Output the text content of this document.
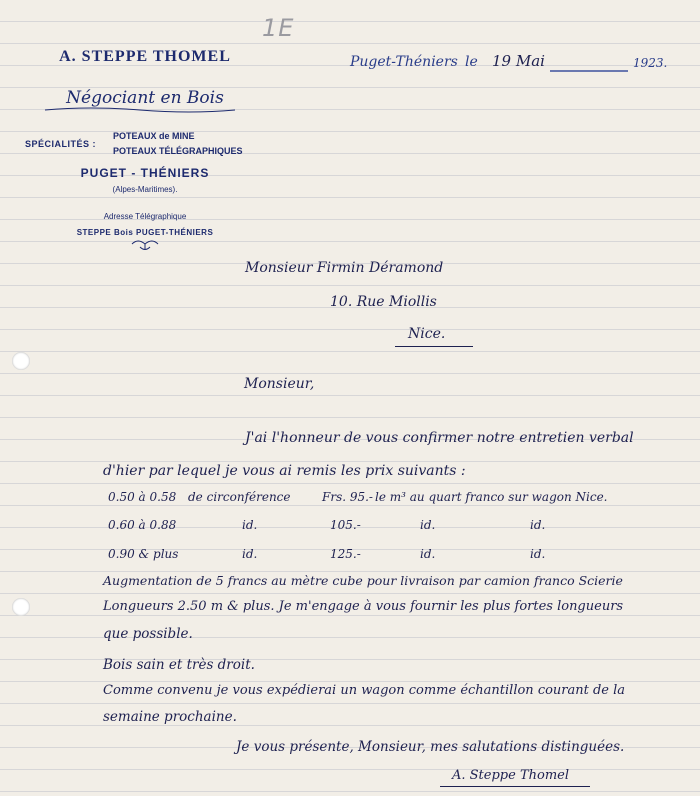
1E
A. STEPPE THOMEL
Négociant en Bois
SPÉCIALITÉS :
POTEAUX de MINE
POTEAUX TÉLÉGRAPHIQUES
PUGET - THÉNIERS
(Alpes-Maritimes).
Adresse Télégraphique
STEPPE Bois PUGET-THÉNIERS
Puget-Théniers le 19 Mai	1923.
Monsieur Firmin Déramond
10. Rue Miollis
Nice.
Monsieur,
J'ai l'honneur de vous confirmer notre entretien verbal
d'hier par lequel je vous ai remis les prix suivants :
0.50 à 0.58 de circonférence	Frs. 95.- le m³ au quart franco sur wagon Nice.
0.60 à 0.88	id.	105.-	id.	id.
0.90 & plus	id.	125.-	id.	id.
Augmentation de 5 francs au mètre cube pour livraison par camion franco Scierie
Longueurs 2.50 m & plus. Je m'engage à vous fournir les plus fortes longueurs
que possible.
Bois sain et très droit.
Comme convenu je vous expédierai un wagon comme échantillon courant de la
semaine prochaine.
Je vous présente, Monsieur, mes salutations distinguées.
A. Steppe Thomel
